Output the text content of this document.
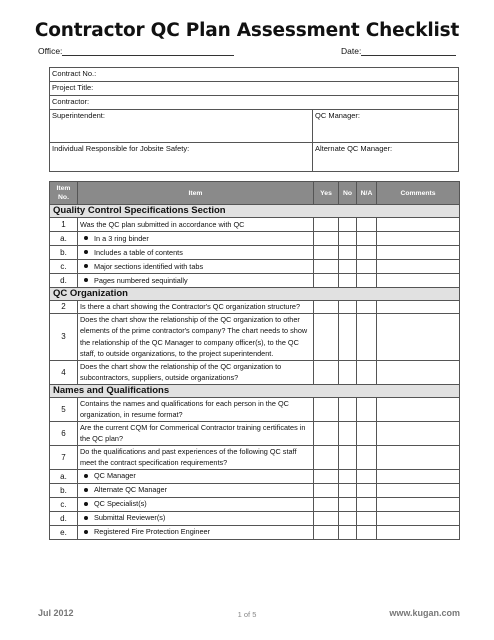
Contractor QC Plan Assessment Checklist
Office:	Date:
Contract No.:	
Project Title:	
Contractor:	
Superintendent:	QC Manager:
Individual Responsible for Jobsite Safety:	Alternate QC Manager:
Item No.	Item	Yes	No	N/A	Comments
Quality Control Specifications Section					
1	Was the QC plan submitted in accordance with QC				
a.	In a 3 ring binder				
b.	Includes a table of contents				
c.	Major sections identified with tabs				
d.	Pages numbered sequintially				
QC Organization					
2	Is there a chart showing the Contractor's QC organization structure?				
3	Does the chart show the relationship of the QC organization to other elements of the prime contractor's company? The chart needs to show the relationship of the QC Manager to company officer(s), to the QC staff, to outside organizations, to the project superintendent.				
4	Does the chart show the relationship of the QC organization to subcontractors, suppliers, outside organizations?				
Names and Qualifications					
5	Contains the names and qualifications for each person in the QC organization, in resume format?				
6	Are the current CQM for Commerical Contractor training certificates in the QC plan?				
7	Do the qualifications and past experiences of the following QC staff meet the contract specification requirements?				
a.	QC Manager				
b.	Alternate QC Manager				
c.	QC Specialist(s)				
d.	Submittal Reviewer(s)				
e.	Registered Fire Protection Engineer				
Jul 2012	1 of 5	www.kugan.com
